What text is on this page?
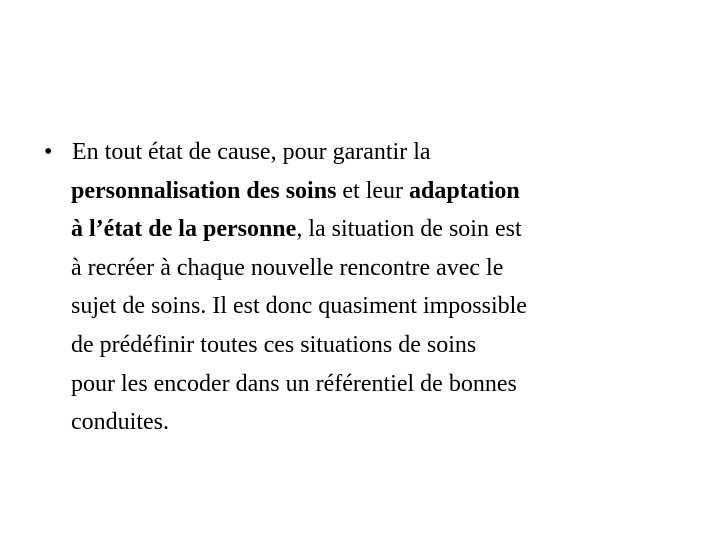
• En tout état de cause, pour garantir la
personnalisation des soins et leur adaptation
à l’état de la personne, la situation de soin est
à recréer à chaque nouvelle rencontre avec le
sujet de soins. Il est donc quasiment impossible
de prédéfinir toutes ces situations de soins
pour les encoder dans un référentiel de bonnes
conduites.
